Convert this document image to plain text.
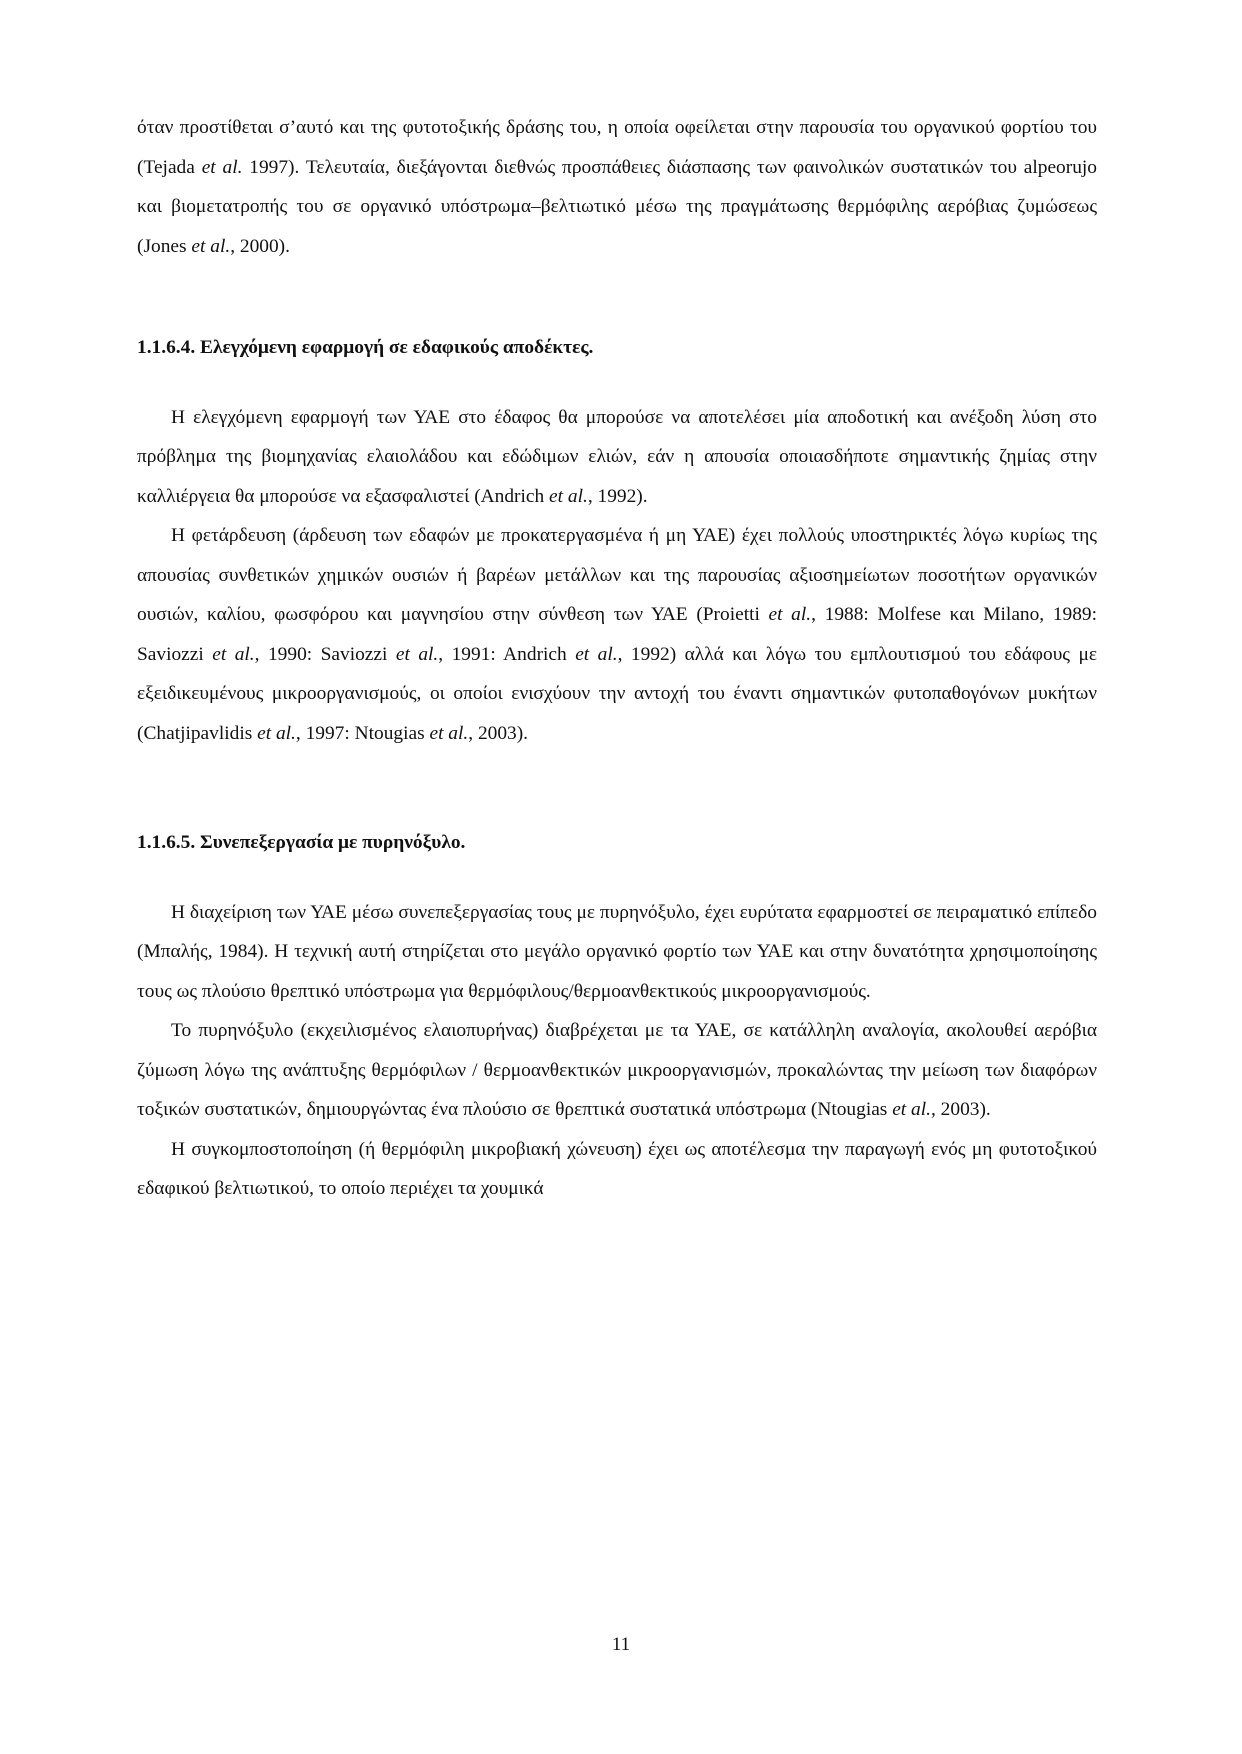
όταν προστίθεται σ’αυτό και της φυτοτοξικής δράσης του, η οποία οφείλεται στην παρουσία του οργανικού φορτίου του (Tejada et al. 1997). Τελευταία, διεξάγονται διεθνώς προσπάθειες διάσπασης των φαινολικών συστατικών του alpeorujo και βιομετατροπής του σε οργανικό υπόστρωμα–βελτιωτικό μέσω της πραγμάτωσης θερμόφιλης αερόβιας ζυμώσεως (Jones et al., 2000).

1.1.6.4. Ελεγχόμενη εφαρμογή σε εδαφικούς αποδέκτες.

Η ελεγχόμενη εφαρμογή των ΥΑΕ στο έδαφος θα μπορούσε να αποτελέσει μία αποδοτική και ανέξοδη λύση στο πρόβλημα της βιομηχανίας ελαιολάδου και εδώδιμων ελιών, εάν η απουσία οποιασδήποτε σημαντικής ζημίας στην καλλιέργεια θα μπορούσε να εξασφαλιστεί (Andrich et al., 1992).

Η φετάρδευση (άρδευση των εδαφών με προκατεργασμένα ή μη ΥΑΕ) έχει πολλούς υποστηρικτές λόγω κυρίως της απουσίας συνθετικών χημικών ουσιών ή βαρέων μετάλλων και της παρουσίας αξιοσημείωτων ποσοτήτων οργανικών ουσιών, καλίου, φωσφόρου και μαγνησίου στην σύνθεση των ΥΑΕ (Proietti et al., 1988: Molfese και Milano, 1989: Saviozzi et al., 1990: Saviozzi et al., 1991: Andrich et al., 1992) αλλά και λόγω του εμπλουτισμού του εδάφους με εξειδικευμένους μικροοργανισμούς, οι οποίοι ενισχύουν την αντοχή του έναντι σημαντικών φυτοπαθογόνων μυκήτων (Chatjipavlidis et al., 1997: Ntougias et al., 2003).

1.1.6.5. Συνεπεξεργασία με πυρηνόξυλο.

Η διαχείριση των ΥΑΕ μέσω συνεπεξεργασίας τους με πυρηνόξυλο, έχει ευρύτατα εφαρμοστεί σε πειραματικό επίπεδο (Μπαλής, 1984). Η τεχνική αυτή στηρίζεται στο μεγάλο οργανικό φορτίο των ΥΑΕ και στην δυνατότητα χρησιμοποίησης τους ως πλούσιο θρεπτικό υπόστρωμα για θερμόφιλους/θερμοανθεκτικούς μικροοργανισμούς.

Το πυρηνόξυλο (εκχειλισμένος ελαιοπυρήνας) διαβρέχεται με τα ΥΑΕ, σε κατάλληλη αναλογία, ακολουθεί αερόβια ζύμωση λόγω της ανάπτυξης θερμόφιλων / θερμοανθεκτικών μικροοργανισμών, προκαλώντας την μείωση των διαφόρων τοξικών συστατικών, δημιουργώντας ένα πλούσιο σε θρεπτικά συστατικά υπόστρωμα (Ntougias et al., 2003).

Η συγκομποστοποίηση (ή θερμόφιλη μικροβιακή χώνευση) έχει ως αποτέλεσμα την παραγωγή ενός μη φυτοτοξικού εδαφικού βελτιωτικού, το οποίο περιέχει τα χουμικά

11
